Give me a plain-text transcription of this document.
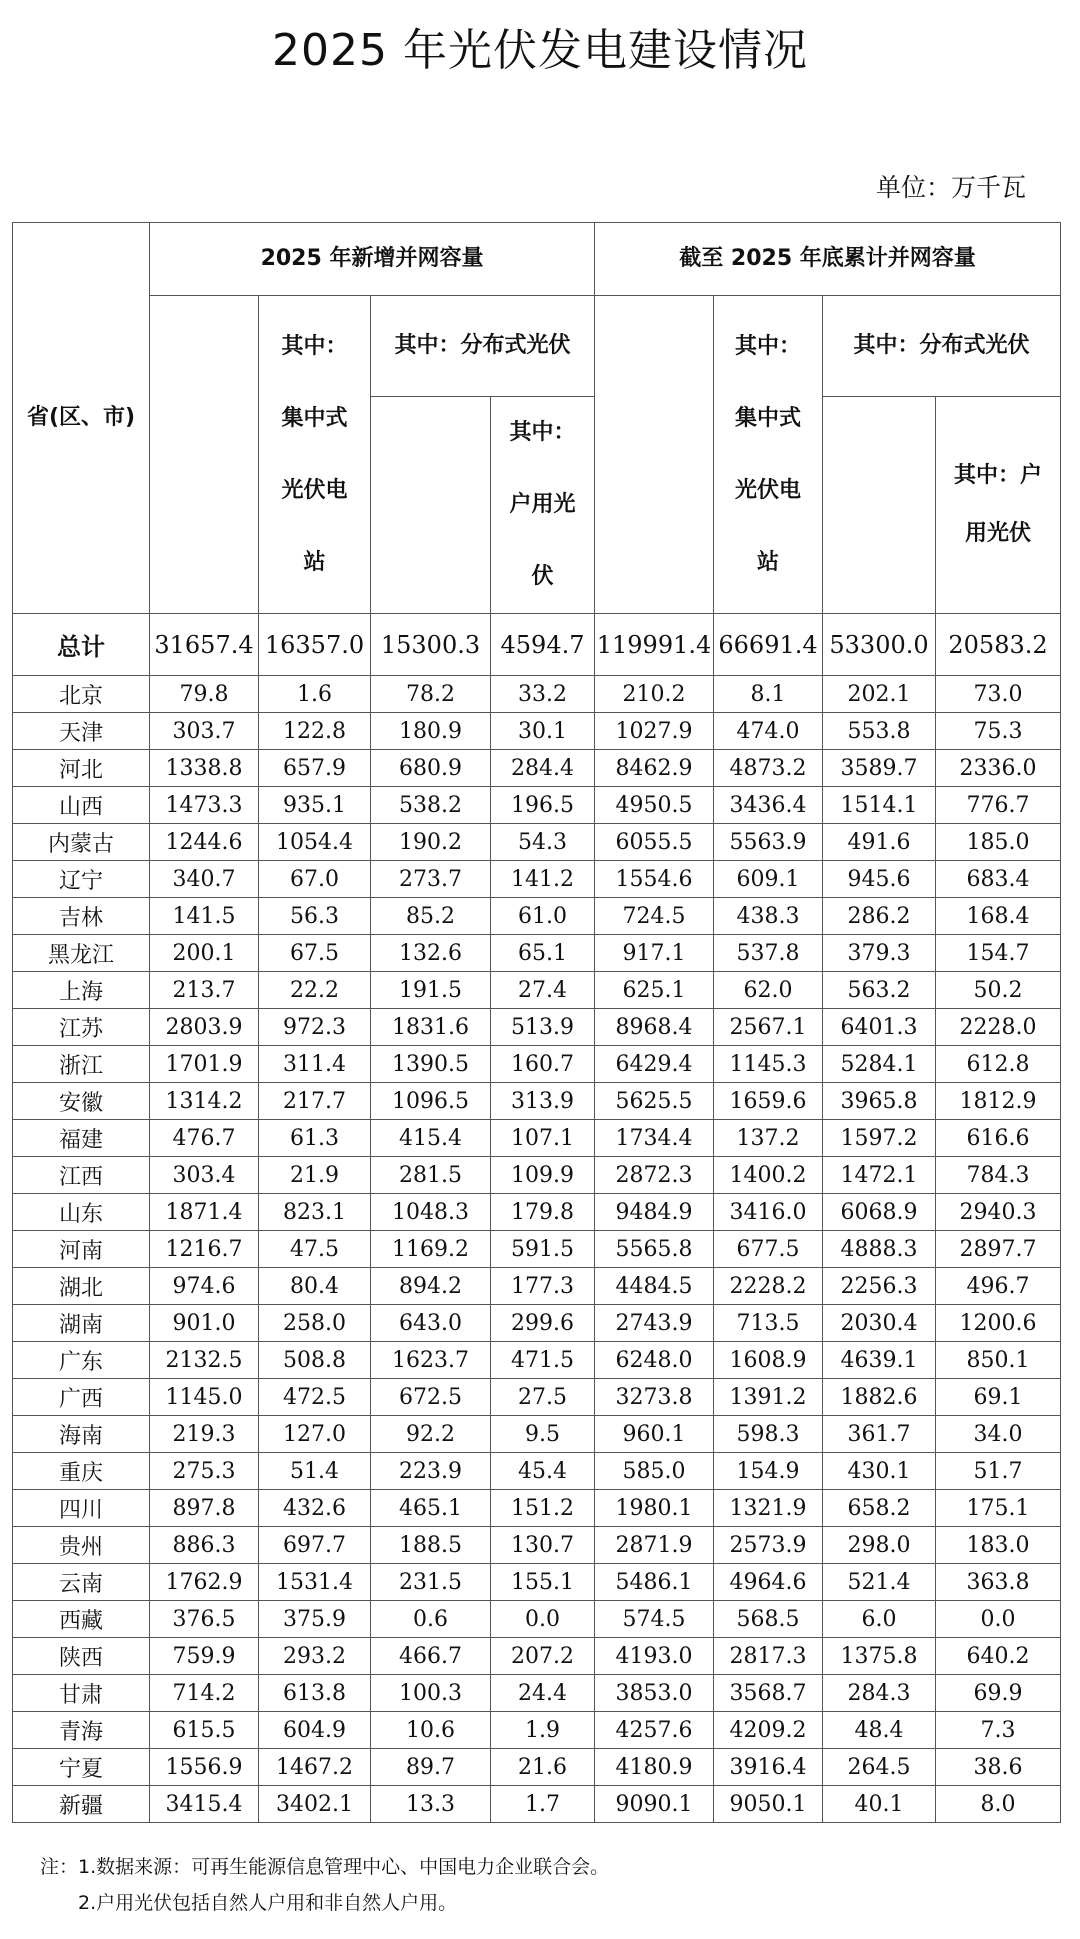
2025 年光伏发电建设情况
单位：万千瓦
省(区、市)	2025 年新增并网容量				截至 2025 年底累计并网容量			
		其中：集中式光伏电站	其中：分布式光伏			其中：集中式光伏电站	其中：分布式光伏	
				其中：户用光伏				其中：户用光伏
总计	31657.4	16357.0	15300.3	4594.7	119991.4	66691.4	53300.0	20583.2
北京	79.8	1.6	78.2	33.2	210.2	8.1	202.1	73.0
天津	303.7	122.8	180.9	30.1	1027.9	474.0	553.8	75.3
河北	1338.8	657.9	680.9	284.4	8462.9	4873.2	3589.7	2336.0
山西	1473.3	935.1	538.2	196.5	4950.5	3436.4	1514.1	776.7
内蒙古	1244.6	1054.4	190.2	54.3	6055.5	5563.9	491.6	185.0
辽宁	340.7	67.0	273.7	141.2	1554.6	609.1	945.6	683.4
吉林	141.5	56.3	85.2	61.0	724.5	438.3	286.2	168.4
黑龙江	200.1	67.5	132.6	65.1	917.1	537.8	379.3	154.7
上海	213.7	22.2	191.5	27.4	625.1	62.0	563.2	50.2
江苏	2803.9	972.3	1831.6	513.9	8968.4	2567.1	6401.3	2228.0
浙江	1701.9	311.4	1390.5	160.7	6429.4	1145.3	5284.1	612.8
安徽	1314.2	217.7	1096.5	313.9	5625.5	1659.6	3965.8	1812.9
福建	476.7	61.3	415.4	107.1	1734.4	137.2	1597.2	616.6
江西	303.4	21.9	281.5	109.9	2872.3	1400.2	1472.1	784.3
山东	1871.4	823.1	1048.3	179.8	9484.9	3416.0	6068.9	2940.3
河南	1216.7	47.5	1169.2	591.5	5565.8	677.5	4888.3	2897.7
湖北	974.6	80.4	894.2	177.3	4484.5	2228.2	2256.3	496.7
湖南	901.0	258.0	643.0	299.6	2743.9	713.5	2030.4	1200.6
广东	2132.5	508.8	1623.7	471.5	6248.0	1608.9	4639.1	850.1
广西	1145.0	472.5	672.5	27.5	3273.8	1391.2	1882.6	69.1
海南	219.3	127.0	92.2	9.5	960.1	598.3	361.7	34.0
重庆	275.3	51.4	223.9	45.4	585.0	154.9	430.1	51.7
四川	897.8	432.6	465.1	151.2	1980.1	1321.9	658.2	175.1
贵州	886.3	697.7	188.5	130.7	2871.9	2573.9	298.0	183.0
云南	1762.9	1531.4	231.5	155.1	5486.1	4964.6	521.4	363.8
西藏	376.5	375.9	0.6	0.0	574.5	568.5	6.0	0.0
陕西	759.9	293.2	466.7	207.2	4193.0	2817.3	1375.8	640.2
甘肃	714.2	613.8	100.3	24.4	3853.0	3568.7	284.3	69.9
青海	615.5	604.9	10.6	1.9	4257.6	4209.2	48.4	7.3
宁夏	1556.9	1467.2	89.7	21.6	4180.9	3916.4	264.5	38.6
新疆	3415.4	3402.1	13.3	1.7	9090.1	9050.1	40.1	8.0
注：1.数据来源：可再生能源信息管理中心、中国电力企业联合会。
2.户用光伏包括自然人户用和非自然人户用。
